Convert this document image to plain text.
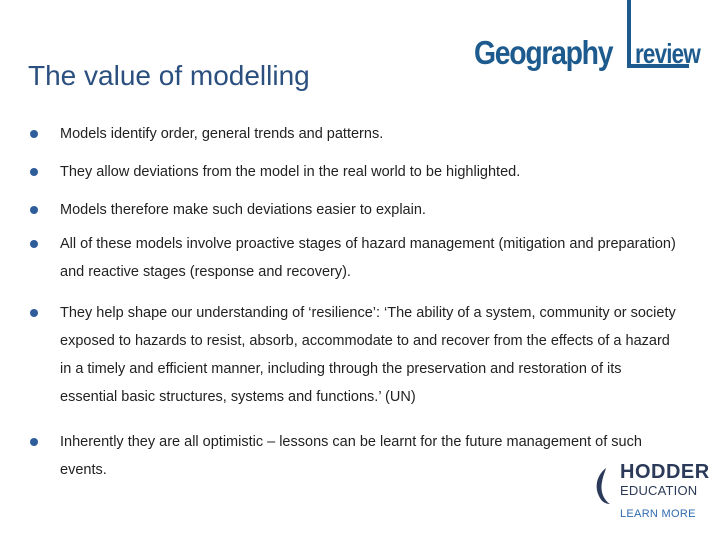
The value of modelling
Geography review
Models identify order, general trends and patterns.
They allow deviations from the model in the real world to be highlighted.
Models therefore make such deviations easier to explain.
All of these models involve proactive stages of hazard management (mitigation and preparation) and reactive stages (response and recovery).
They help shape our understanding of ‘resilience’: ‘The ability of a system, community or society exposed to hazards to resist, absorb, accommodate to and recover from the effects of a hazard in a timely and efficient manner, including through the preservation and restoration of its essential basic structures, systems and functions.’ (UN)
Inherently they are all optimistic – lessons can be learnt for the future management of such events.	HODDER
EDUCATION
LEARN MORE
